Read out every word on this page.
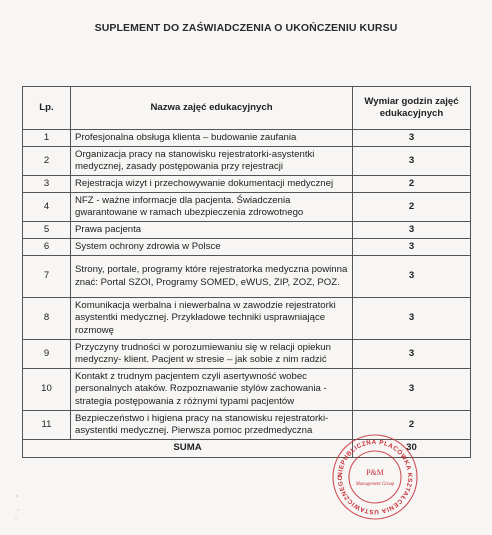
SUPLEMENT DO ZAŚWIADCZENIA O UKOŃCZENIU KURSU
Lp.	Nazwa zajęć edukacyjnych	Wymiar godzin zajęć edukacyjnych
1	Profesjonalna obsługa klienta – budowanie zaufania	3
2	Organizacja pracy na stanowisku rejestratorki-asystentki medycznej, zasady postępowania przy rejestracji	3
3	Rejestracja wizyt i przechowywanie dokumentacji medycznej	2
4	NFZ - ważne informacje dla pacjenta. Świadczenia gwarantowane w ramach ubezpieczenia zdrowotnego	2
5	Prawa pacjenta	3
6	System ochrony zdrowia w Polsce	3
7	Strony, portale, programy które rejestratorka medyczna powinna znać: Portal SZOI, Programy SOMED, eWUS, ZIP, ZOZ, POZ.	3
8	Komunikacja werbalna i niewerbalna w zawodzie rejestratorki asystentki medycznej. Przykładowe techniki usprawniające rozmowę	3
9	Przyczyny trudności w porozumiewaniu się w relacji opiekun medyczny- klient. Pacjent w stresie – jak sobie z nim radzić	3
10	Kontakt z trudnym pacjentem czyli asertywność wobec personalnych ataków. Rozpoznawanie stylów zachowania - strategia postępowania z różnymi typami pacjentów	3
11	Bezpieczeństwo i higiena pracy na stanowisku rejestratorki-asystentki medycznej. Pierwsza pomoc przedmedyczna	2
SUMA		30
NIEPUBLICZNA PLACÓWKA KSZTAŁCENIA USTAWICZNEGO
P&M
Management Group
